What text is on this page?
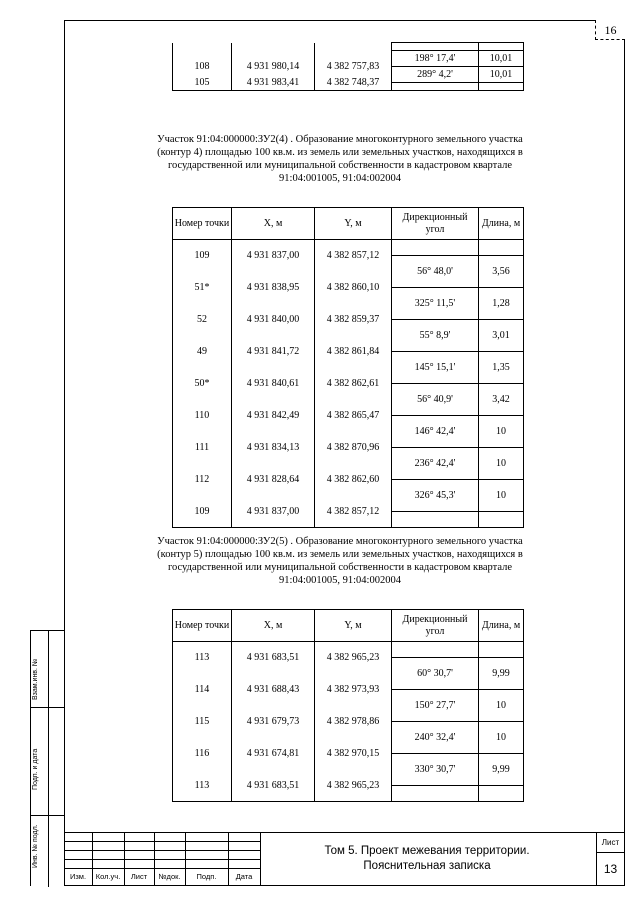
16
Взам.инв. №
Подп. и дата
Инв. № подл.

			198° 17,4'	10,01
108	4 931 980,14	4 382 757,83		
			289° 4,2'	10,01
105	4 931 983,41	4 382 748,37		

Участок 91:04:000000:ЗУ2(4) . Образование многоконтурного земельного участка (контур 4) площадью 100 кв.м. из земель или земельных участков, находящихся в государственной или муниципальной собственности в кадастровом квартале 91:04:001005, 91:04:002004
Номер точки	X, м	Y, м	Дирекционный угол	Длина, м
109	4 931 837,00	4 382 857,12		
			56° 48,0'	3,56
51*	4 931 838,95	4 382 860,10		
			325° 11,5'	1,28
52	4 931 840,00	4 382 859,37		
			55° 8,9'	3,01
49	4 931 841,72	4 382 861,84		
			145° 15,1'	1,35
50*	4 931 840,61	4 382 862,61		
			56° 40,9'	3,42
110	4 931 842,49	4 382 865,47		
			146° 42,4'	10
111	4 931 834,13	4 382 870,96		
			236° 42,4'	10
112	4 931 828,64	4 382 862,60		
			326° 45,3'	10
109	4 931 837,00	4 382 857,12		

Участок 91:04:000000:ЗУ2(5) . Образование многоконтурного земельного участка (контур 5) площадью 100 кв.м. из земель или земельных участков, находящихся в государственной или муниципальной собственности в кадастровом квартале 91:04:001005, 91:04:002004
Номер точки	X, м	Y, м	Дирекционный угол	Длина, м
113	4 931 683,51	4 382 965,23		
			60° 30,7'	9,99
114	4 931 688,43	4 382 973,93		
			150° 27,7'	10
115	4 931 679,73	4 382 978,86		
			240° 32,4'	10
116	4 931 674,81	4 382 970,15		
			330° 30,7'	9,99
113	4 931 683,51	4 382 965,23		

Изм.	Кол.уч.	Лист	№док.	Подп.	Дата
Том 5. Проект межевания территории.
Пояснительная записка
Лист
13
